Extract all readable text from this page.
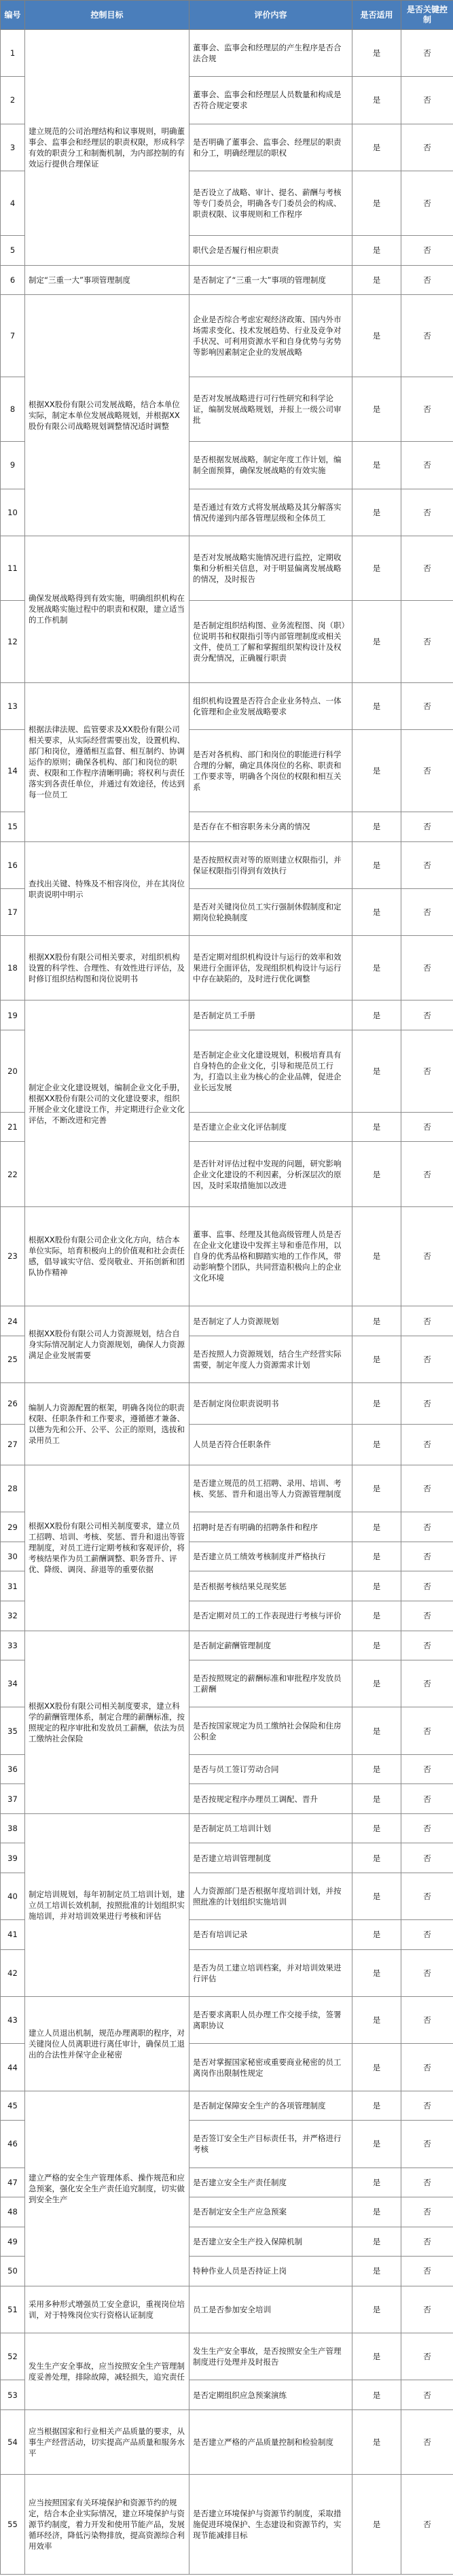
编号	控制目标	评价内容	是否适用	是否关键控制
1	建立规范的公司治理结构和议事规则，明确董事会、监事会和经理层的职责权限，形成科学有效的职责分工和制衡机制，为内部控制的有效运行提供合理保证	董事会、监事会和经理层的产生程序是否合法合规	是	否
2		董事会、监事会和经理层人员数量和构成是否符合规定要求	是	否
3		是否明确了董事会、监事会、经理层的职责和分工，明确经理层的职权	是	否
4		是否设立了战略、审计、提名、薪酬与考核等专门委员会，明确各专门委员会的构成、职责权限、议事规则和工作程序	是	否
5		职代会是否履行相应职责	是	否
6	制定“三重一大”事项管理制度	是否制定了“三重一大”事项的管理制度	是	否
7	根据XX股份有限公司发展战略，结合本单位实际，制定本单位发展战略规划，并根据XX股份有限公司战略规划调整情况适时调整	企业是否综合考虑宏观经济政策、国内外市场需求变化、技术发展趋势、行业及竞争对手状况、可利用资源水平和自身优势与劣势等影响因素制定企业的发展战略	是	否
8		是否对发展战略进行可行性研究和科学论证，编制发展战略规划，并报上一级公司审批	是	否
9		是否根据发展战略，制定年度工作计划，编制全面预算，确保发展战略的有效实施	是	否
10		是否通过有效方式将发展战略及其分解落实情况传递到内部各管理层级和全体员工	是	否
11	确保发展战略得到有效实施，明确组织机构在发展战略实施过程中的职责和权限，建立适当的工作机制	是否对发展战略实施情况进行监控，定期收集和分析相关信息，对于明显偏离发展战略的情况，及时报告	是	否
12		是否制定组织结构图、业务流程图、岗（职）位说明书和权限指引等内部管理制度或相关文件，使员工了解和掌握组织架构设计及权责分配情况，正确履行职责	是	否
13	根据法律法规、监管要求及XX股份有限公司相关要求，从实际经营需要出发，设置机构、部门和岗位，遵循相互监督、相互制约、协调运作的原则；确保各机构、部门和岗位的职责、权限和工作程序清晰明确；将权利与责任落实到各责任单位，并通过有效途径，传达到每一位员工	组织机构设置是否符合企业业务特点、一体化管理和企业发展战略要求	是	否
14		是否对各机构、部门和岗位的职能进行科学合理的分解，确定具体岗位的名称、职责和工作要求等，明确各个岗位的权限和相互关系	是	否
15		是否存在不相容职务未分离的情况	是	否
16	查找出关键、特殊及不相容岗位，并在其岗位职责说明中明示	是否按照权责对等的原则建立权限指引，并保证权限指引得到有效执行	是	否
17		是否对关键岗位员工实行强制休假制度和定期岗位轮换制度	是	否
18	根据XX股份有限公司相关要求，对组织机构设置的科学性、合理性、有效性进行评估，及时修订组织结构图和岗位说明书	是否定期对组织机构设计与运行的效率和效果进行全面评估，发现组织机构设计与运行中存在缺陷的，及时进行优化调整	是	否
19	制定企业文化建设规划，编制企业文化手册，根据XX股份有限公司的文化建设要求，组织开展企业文化建设工作，并定期进行企业文化评估，不断改进和完善	是否制定员工手册	是	否
20		是否制定企业文化建设规划，积极培育具有自身特色的企业文化，引导和规范员工行为，打造以主业为核心的企业品牌，促进企业长远发展	是	否
21		是否建立企业文化评估制度	是	否
22		是否针对评估过程中发现的问题，研究影响企业文化建设的不利因素，分析深层次的原因，及时采取措施加以改进	是	否
23	根据XX股份有限公司企业文化方向，结合本单位实际，培育积极向上的价值观和社会责任感，倡导诚实守信、爱岗敬业、开拓创新和团队协作精神	董事、监事、经理及其他高级管理人员是否在企业文化建设中发挥主导和垂范作用，以自身的优秀品格和脚踏实地的工作作风，带动影响整个团队，共同营造积极向上的企业文化环境	是	否
24	根据XX股份有限公司人力资源规划，结合自身实际情况制定人力资源规划，确保人力资源满足企业发展需要	是否制定了人力资源规划	是	否
25		是否按照人力资源规划，结合生产经营实际需要，制定年度人力资源需求计划	是	否
26	编制人力资源配置的框架，明确各岗位的职责权限、任职条件和工作要求，遵循德才兼备、以德为先和公开、公平、公正的原则，选拔和录用员工	是否制定岗位职责说明书	是	否
27		人员是否符合任职条件	是	否
28	根据XX股份有限公司相关制度要求，建立员工招聘、培训、考核、奖惩、晋升和退出等管理制度，对员工进行定期考核和客观评价，将考核结果作为员工薪酬调整、职务晋升、评优、降级、调岗、辞退等的重要依据	是否建立规范的员工招聘、录用、培训、考核、奖惩、晋升和退出等人力资源管理制度	是	否
29		招聘时是否有明确的招聘条件和程序	是	否
30		是否建立员工绩效考核制度并严格执行	是	否
31		是否根据考核结果兑现奖惩	是	否
32		是否定期对员工的工作表现进行考核与评价	是	否
33	根据XX股份有限公司相关制度要求，建立科学的薪酬管理体系，制定合理的薪酬标准，按照规定的程序审批和发放员工薪酬，依法为员工缴纳社会保险	是否制定薪酬管理制度	是	否
34		是否按照规定的薪酬标准和审批程序发放员工薪酬	是	否
35		是否按国家规定为员工缴纳社会保险和住房公积金	是	否
36		是否与员工签订劳动合同	是	否
37		是否按规定程序办理员工调配、晋升	是	否
38	制定培训规划，每年初制定员工培训计划，建立员工培训长效机制，按照批准的计划组织实施培训，并对培训效果进行考核和评估	是否制定员工培训计划	是	否
39		是否建立培训管理制度	是	否
40		人力资源部门是否根据年度培训计划，并按照批准的计划组织实施培训	是	否
41		是否有培训记录	是	否
42		是否为员工建立培训档案，并对培训效果进行评估	是	否
43	建立人员退出机制，规范办理离职的程序，对关键岗位人员离职进行离任审计，确保员工退出的合法性并保守企业秘密	是否要求离职人员办理工作交接手续，签署离职协议	是	否
44		是否对掌握国家秘密或重要商业秘密的员工离岗作出限制性规定	是	否
45	建立严格的安全生产管理体系、操作规范和应急预案，强化安全生产责任追究制度，切实做到安全生产	是否制定保障安全生产的各项管理制度	是	否
46		是否签订安全生产目标责任书，并严格进行考核	是	否
47		是否建立安全生产责任制度	是	否
48		是否制定安全生产应急预案	是	否
49		是否建立安全生产投入保障机制	是	否
50		特种作业人员是否持证上岗	是	否
51	采用多种形式增强员工安全意识，重视岗位培训，对于特殊岗位实行资格认证制度	员工是否参加安全培训	是	否
52	发生生产安全事故，应当按照安全生产管理制度妥善处理，排除故障，减轻损失，追究责任	发生生产安全事故，是否按照安全生产管理制度进行处理并及时报告	是	否
53		是否定期组织应急预案演练	是	否
54	应当根据国家和行业相关产品质量的要求，从事生产经营活动，切实提高产品质量和服务水平	是否建立严格的产品质量控制和检验制度	是	否
55	应当按照国家有关环境保护和资源节约的规定，结合本企业实际情况，建立环境保护与资源节约制度，着力开发和使用节能产品，发展循环经济，降低污染物排放，提高资源综合利用效率	是否建立环境保护与资源节约制度，采取措施促进环境保护、生态建设和资源节约，实现节能减排目标	是	否
